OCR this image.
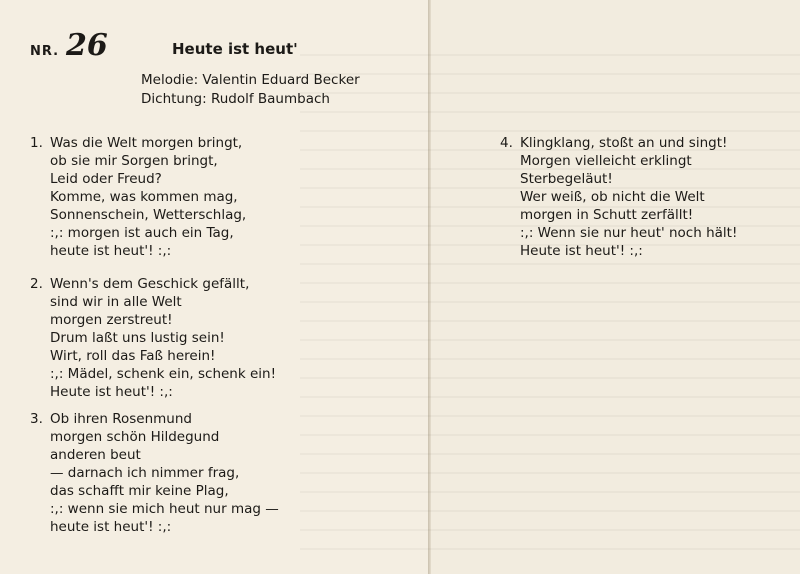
NR. 26	Heute ist heut'
Melodie: Valentin Eduard Becker
Dichtung: Rudolf Baumbach
1. Was die Welt morgen bringt,
ob sie mir Sorgen bringt,
Leid oder Freud?
Komme, was kommen mag,
Sonnenschein, Wetterschlag,
:,: morgen ist auch ein Tag,
heute ist heut'! :,:
2. Wenn's dem Geschick gefällt,
sind wir in alle Welt
morgen zerstreut!
Drum laßt uns lustig sein!
Wirt, roll das Faß herein!
:,: Mädel, schenk ein, schenk ein!
Heute ist heut'! :,:
3. Ob ihren Rosenmund
morgen schön Hildegund
anderen beut
— darnach ich nimmer frag,
das schafft mir keine Plag,
:,: wenn sie mich heut nur mag —
heute ist heut'! :,:
4. Klingklang, stoßt an und singt!
Morgen vielleicht erklingt
Sterbegeläut!
Wer weiß, ob nicht die Welt
morgen in Schutt zerfällt!
:,: Wenn sie nur heut' noch hält!
Heute ist heut'! :,:
